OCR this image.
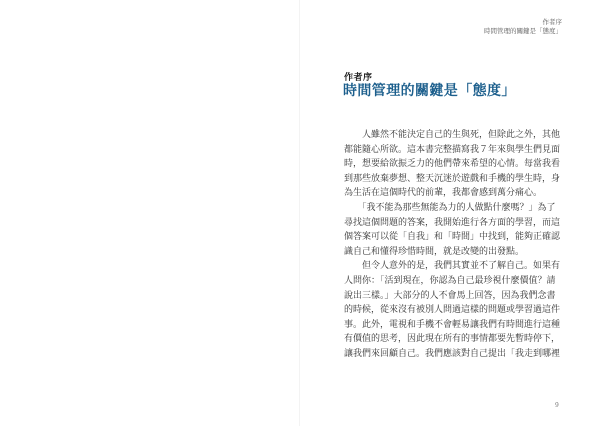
作者序
時間管理的關鍵是「態度」
作者序
時間管理的關鍵是「態度」
　　人雖然不能決定自己的生與死，但除此之外，其他
都能隨心所欲。這本書完整描寫我７年來與學生們見面
時，想要給欲振乏力的他們帶來希望的心情。每當我看
到那些放棄夢想、整天沉迷於遊戲和手機的學生時，身
為生活在這個時代的前輩，我都會感到萬分痛心。
　　「我不能為那些無能為力的人做點什麼嗎？」為了
尋找這個問題的答案，我開始進行各方面的學習，而這
個答案可以從「自我」和「時間」中找到，能夠正確認
識自己和懂得珍惜時間，就是改變的出發點。
　　但令人意外的是，我們其實並不了解自己。如果有
人問你：「活到現在，你認為自己最珍視什麼價值？請
說出三樣。」大部分的人不會馬上回答，因為我們念書
的時候，從來沒有被別人問過這樣的問題或學習過這件
事。此外，電視和手機不會輕易讓我們有時間進行這種
有價值的思考，因此現在所有的事情都要先暫時停下，
讓我們來回顧自己。我們應該對自己提出「我走到哪裡
9
